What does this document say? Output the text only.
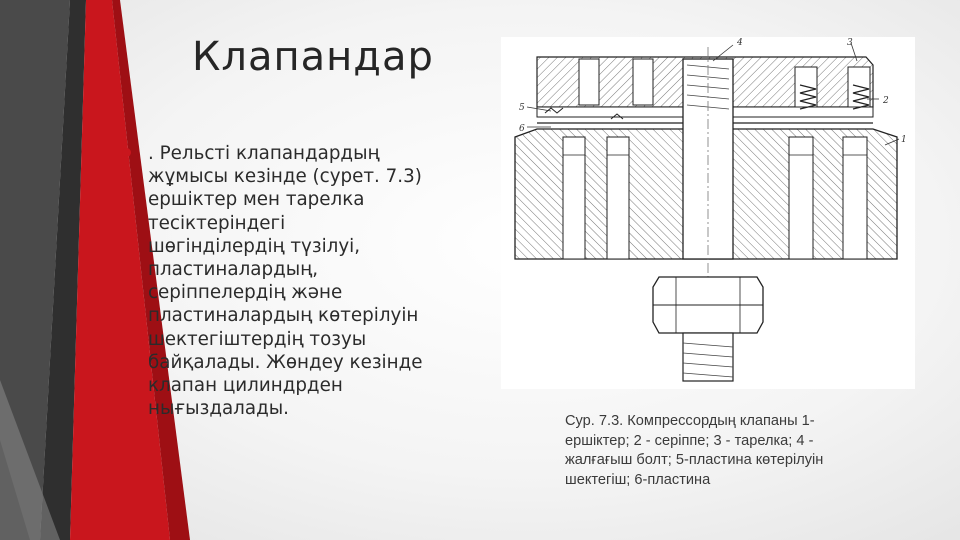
Клапандар
. Рельсті клапандардың
жұмысы кезінде (сурет. 7.3)
ершіктер мен тарелка
тесіктеріндегі
шөгінділердің түзілуі,
пластиналардың,
серіппелердің және
пластиналардың көтерілуін
шектегіштердің тозуы
байқалады. Жөндеу кезінде
клапан цилиндрден
нығыздалады.
4	3
5
2
6
1
Сур. 7.3. Компрессордың клапаны 1-
ершіктер; 2 - серіппе; 3 - тарелка; 4 -
жалғағыш болт; 5-пластина көтерілуін
шектегіш; 6-пластина
